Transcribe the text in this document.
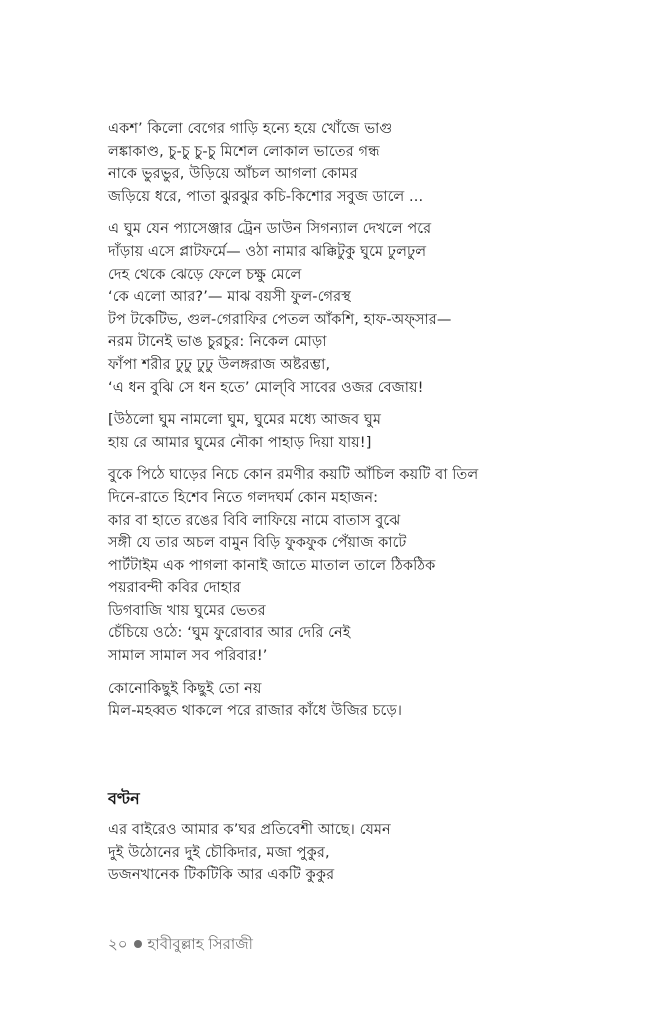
একশ’ কিলো বেগের গাড়ি হন্যে হয়ে খোঁজে ভাগু
লঙ্কাকাণ্ড, চু-চু চু-চু মিশেল লোকাল ভাতের গন্ধ
নাকে ভুরভুর, উড়িয়ে আঁচল আগলা কোমর
জড়িয়ে ধরে, পাতা ঝুরঝুর কচি-কিশোর সবুজ ডালে ...
এ ঘুম যেন প্যাসেঞ্জার ট্রেন ডাউন সিগন্যাল দেখলে পরে
দাঁড়ায় এসে প্লাটফর্মে— ওঠা নামার ঝক্কিটুকু ঘুমে ঢুলঢুল
দেহ থেকে ঝেড়ে ফেলে চক্ষু মেলে
‘কে এলো আর?’— মাঝ বয়সী ফুল-গেরস্থ
টপ টকেটিভ, গুল-গেরাফির পেতল আঁকশি, হাফ-অফ্‌সার—
নরম টানেই ভাঙ চুরচুর: নিকেল মোড়া
ফাঁপা শরীর ঢুঢু ঢুঢু উলঙ্গরাজ অষ্টরম্ভা,
‘এ ধন বুঝি সে ধন হতে’ মোল্‌বি সাবের ওজর বেজায়!
[উঠলো ঘুম নামলো ঘুম, ঘুমের মধ্যে আজব ঘুম
হায় রে আমার ঘুমের নৌকা পাহাড় দিয়া যায়!]
বুকে পিঠে ঘাড়ের নিচে কোন রমণীর কয়টি আঁচিল কয়টি বা তিল
দিনে-রাতে হিশেব নিতে গলদঘর্ম কোন মহাজন:
কার বা হাতে রঙের বিবি লাফিয়ে নামে বাতাস বুঝে
সঙ্গী যে তার অচল বামুন বিড়ি ফুকফুক পেঁয়াজ কাটে
পার্টটাইম এক পাগলা কানাই জাতে মাতাল তালে ঠিকঠিক
পয়রাবন্দী কবির দোহার
ডিগবাজি খায় ঘুমের ভেতর
চেঁচিয়ে ওঠে: ‘ঘুম ফুরোবার আর দেরি নেই
সামাল সামাল সব পরিবার!’
কোনোকিছুই কিছুই তো নয়
মিল-মহব্বত থাকলে পরে রাজার কাঁধে উজির চড়ে।
বণ্টন
এর বাইরেও আমার ক’ঘর প্রতিবেশী আছে। যেমন
দুই উঠোনের দুই চৌকিদার, মজা পুকুর,
ডজনখানেক টিকটিকি আর একটি কুকুর
২০ হাবীবুল্লাহ সিরাজী
